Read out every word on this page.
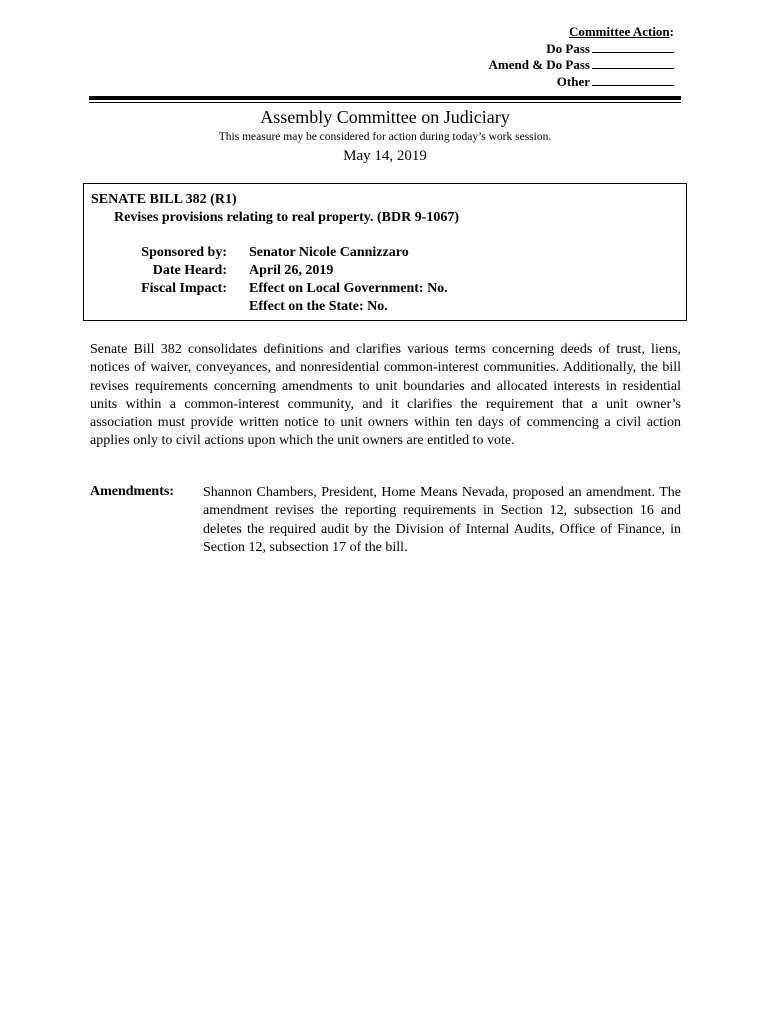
Committee Action:
Do Pass
Amend & Do Pass
Other
Assembly Committee on Judiciary
This measure may be considered for action during today’s work session.
May 14, 2019
SENATE BILL 382 (R1)
Revises provisions relating to real property. (BDR 9-1067)
Sponsored by: Senator Nicole Cannizzaro
Date Heard: April 26, 2019
Fiscal Impact: Effect on Local Government: No.
Effect on the State: No.
Senate Bill 382 consolidates definitions and clarifies various terms concerning deeds of trust, liens, notices of waiver, conveyances, and nonresidential common-interest communities. Additionally, the bill revises requirements concerning amendments to unit boundaries and allocated interests in residential units within a common-interest community, and it clarifies the requirement that a unit owner’s association must provide written notice to unit owners within ten days of commencing a civil action applies only to civil actions upon which the unit owners are entitled to vote.
Amendments: Shannon Chambers, President, Home Means Nevada, proposed an amendment. The amendment revises the reporting requirements in Section 12, subsection 16 and deletes the required audit by the Division of Internal Audits, Office of Finance, in Section 12, subsection 17 of the bill.
